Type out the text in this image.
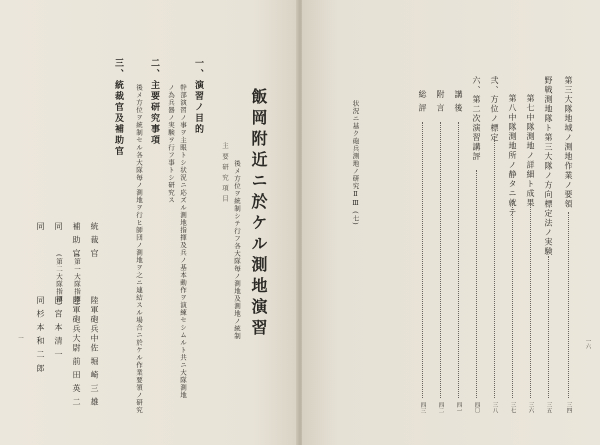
飯岡附近ニ於ケル測地演習
主 要 研 究 項 目 後メ方位ヲ統制シテ行フ各大隊毎ノ測地及測地ノ統制
一、演習ノ目的
幹部演習ノ事ヲ主眼トシ状況ニ応ズル測地指揮及兵ノ基本動作ヲ演練セシムルト共ニ大隊測地
ノ為兵器ノ実験ヲ行フ事トシ研究ス
二、主要研究事項
後メ方位ヲ統制セル各大隊毎ノ測地ヲ行ヒ師団ノ測地ヲ之ニ連結スル場合ニ於ケル作業要領ノ研究
三、統裁官及補助官
統 裁 官
陸軍砲兵中佐 堀 崎 三 雄
補 助 官
(第一大隊指揮)
陸軍砲兵大尉 前 田 英 二
同
(第二大隊指揮)
同 宮 本 清 一
同
同 杉 本 和 二 郎
一
第三大隊地域ノ測地作業ノ要領
三四
野戦測地隊ト第三大隊ノ方向標定法ノ実験
三五
第七中隊測地ノ詳細ト成果
三六
第八中隊測地所ノ静タニ就テ
三七
弐、方位ノ標定
三八
六、第二次演習講評
四〇
講 後
四一
附 言
四二
総 評
四三
状況ニ基ク砲兵測地ノ研究ⅡⅢ (七)
一六
